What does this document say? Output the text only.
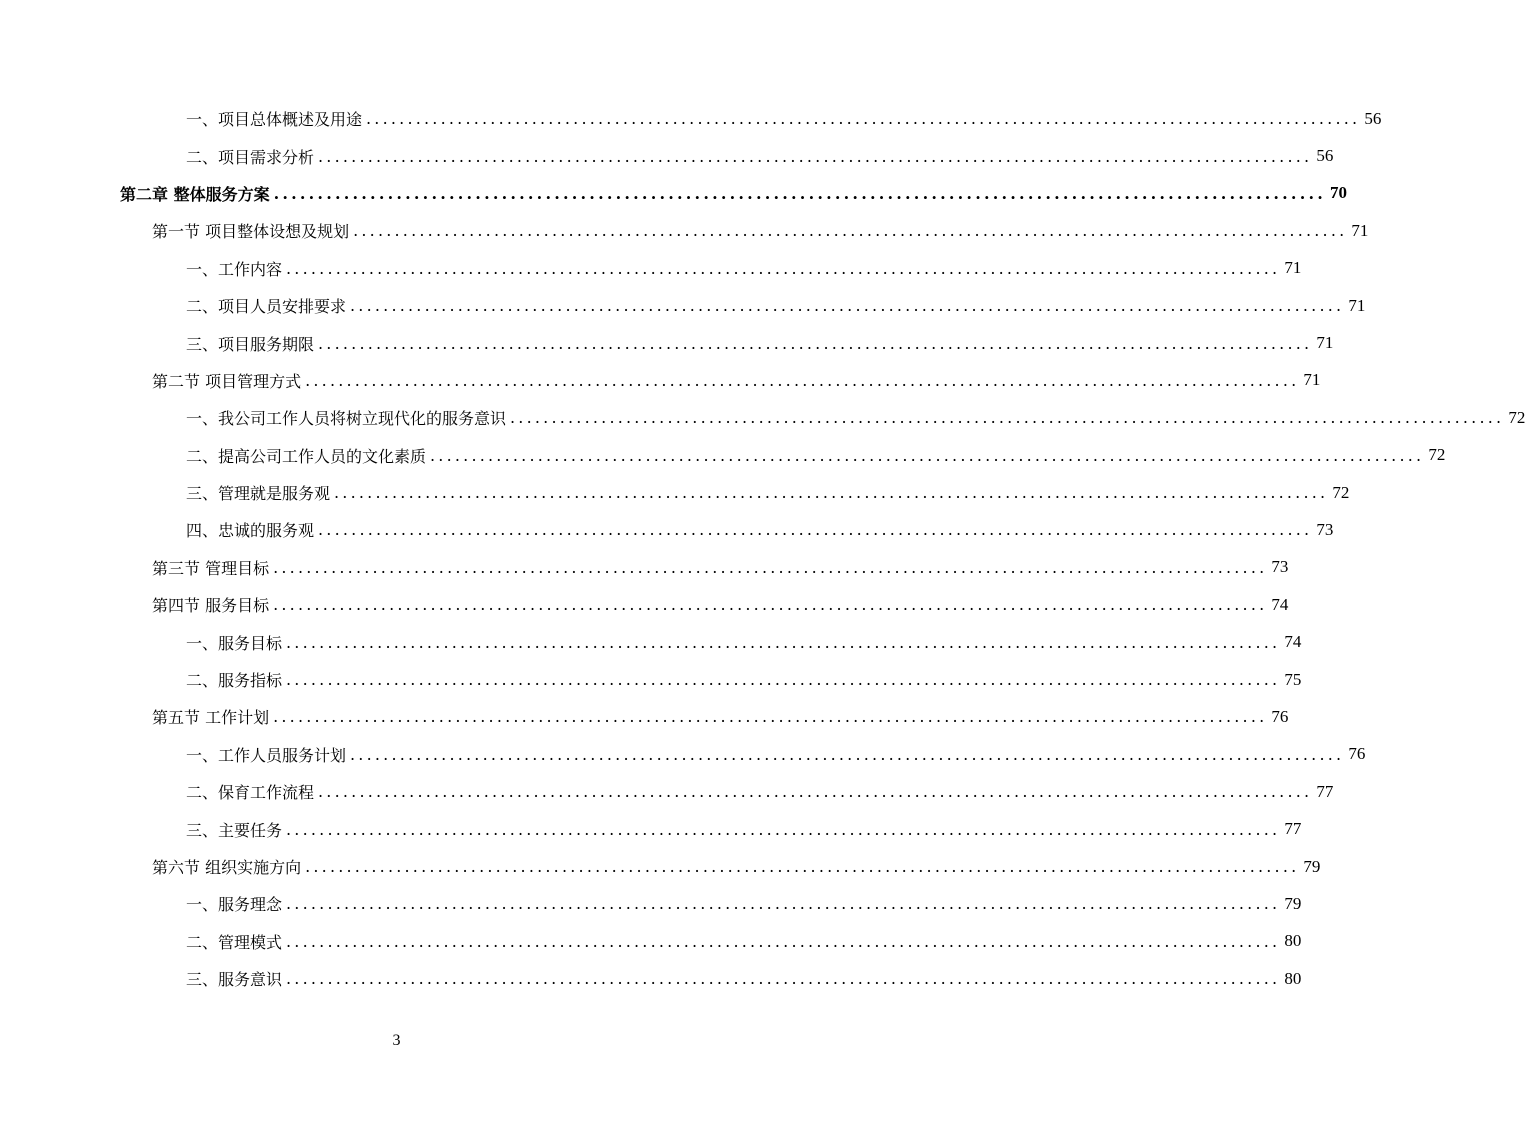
一、项目总体概述及用途 ........................................................................................................................ 56
二、项目需求分析 ........................................................................................................................ 56
第二章 整体服务方案 ........................................................................................................................ 70
第一节 项目整体设想及规划 ........................................................................................................................ 71
一、工作内容 ........................................................................................................................ 71
二、项目人员安排要求 ........................................................................................................................ 71
三、项目服务期限 ........................................................................................................................ 71
第二节 项目管理方式 ........................................................................................................................ 71
一、我公司工作人员将树立现代化的服务意识 ........................................................................................................................ 72
二、提高公司工作人员的文化素质 ........................................................................................................................ 72
三、管理就是服务观 ........................................................................................................................ 72
四、忠诚的服务观 ........................................................................................................................ 73
第三节 管理目标 ........................................................................................................................ 73
第四节 服务目标 ........................................................................................................................ 74
一、服务目标 ........................................................................................................................ 74
二、服务指标 ........................................................................................................................ 75
第五节 工作计划 ........................................................................................................................ 76
一、工作人员服务计划 ........................................................................................................................ 76
二、保育工作流程 ........................................................................................................................ 77
三、主要任务 ........................................................................................................................ 77
第六节 组织实施方向 ........................................................................................................................ 79
一、服务理念 ........................................................................................................................ 79
二、管理模式 ........................................................................................................................ 80
三、服务意识 ........................................................................................................................ 80
3
